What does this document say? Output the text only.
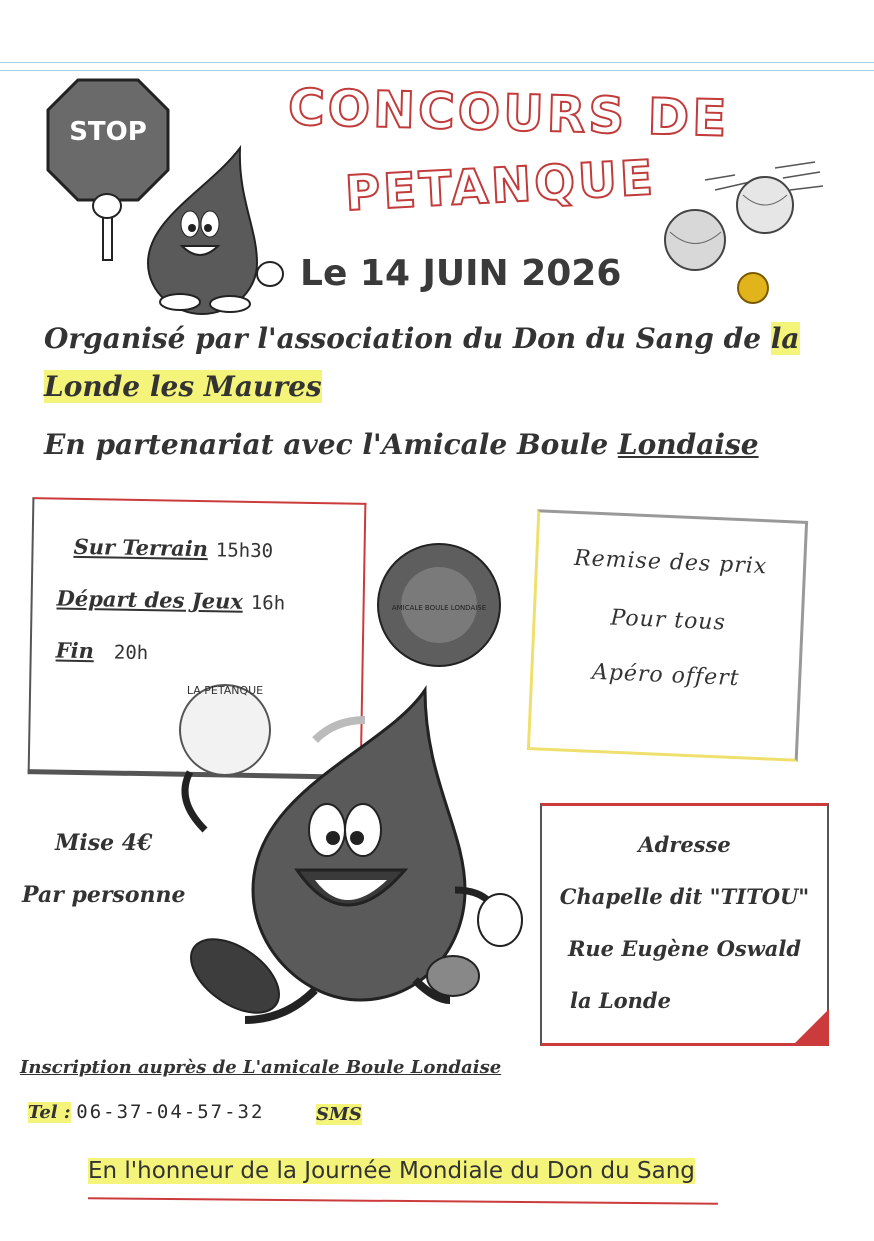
STOP	CONCOURS DE
PETANQUE
Le 14 JUIN 2026
Organisé par l'association du Don du Sang de la
Londe les Maures
En partenariat avec l'Amicale Boule Londaise
Sur Terrain 15h30
Départ des Jeux 16h
Fin 20h
AMICALE BOULE LONDAISE
Remise des prix
Pour tous
Apéro offert
LA PETANQUE
Mise 4€
Par personne
Adresse
Chapelle dit "TITOU"
Rue Eugène Oswald
la Londe
Inscription auprès de L'amicale Boule Londaise
Tel : 06-37-04-57-32	SMS
En l'honneur de la Journée Mondiale du Don du Sang
